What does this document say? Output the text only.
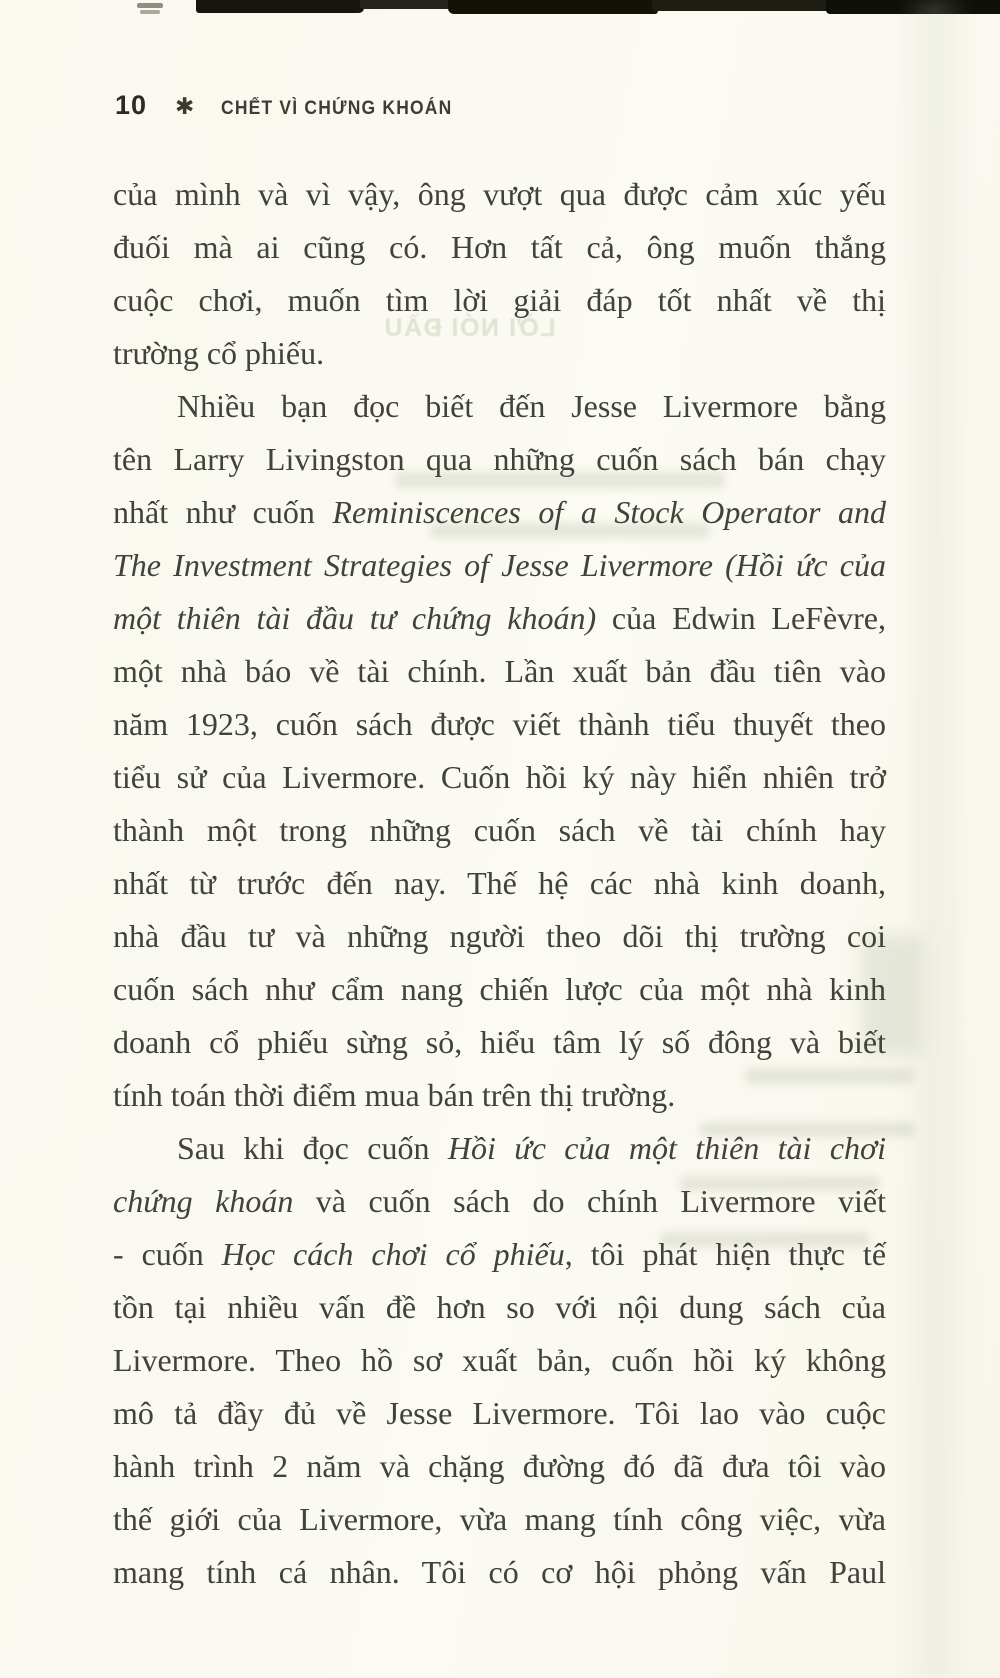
10 ✱ CHẾT VÌ CHỨNG KHOÁN
LỜI NÓI ĐẦU
của mình và vì vậy, ông vượt qua được cảm xúc yếu
đuối mà ai cũng có. Hơn tất cả, ông muốn thắng
cuộc chơi, muốn tìm lời giải đáp tốt nhất về thị
trường cổ phiếu.
Nhiều bạn đọc biết đến Jesse Livermore bằng
tên Larry Livingston qua những cuốn sách bán chạy
nhất như cuốn Reminiscences of a Stock Operator and
The Investment Strategies of Jesse Livermore (Hồi ức của
một thiên tài đầu tư chứng khoán) của Edwin LeFèvre,
một nhà báo về tài chính. Lần xuất bản đầu tiên vào
năm 1923, cuốn sách được viết thành tiểu thuyết theo
tiểu sử của Livermore. Cuốn hồi ký này hiển nhiên trở
thành một trong những cuốn sách về tài chính hay
nhất từ trước đến nay. Thế hệ các nhà kinh doanh,
nhà đầu tư và những người theo dõi thị trường coi
cuốn sách như cẩm nang chiến lược của một nhà kinh
doanh cổ phiếu sừng sỏ, hiểu tâm lý số đông và biết
tính toán thời điểm mua bán trên thị trường.
Sau khi đọc cuốn Hồi ức của một thiên tài chơi
chứng khoán và cuốn sách do chính Livermore viết
- cuốn Học cách chơi cổ phiếu, tôi phát hiện thực tế
tồn tại nhiều vấn đề hơn so với nội dung sách của
Livermore. Theo hồ sơ xuất bản, cuốn hồi ký không
mô tả đầy đủ về Jesse Livermore. Tôi lao vào cuộc
hành trình 2 năm và chặng đường đó đã đưa tôi vào
thế giới của Livermore, vừa mang tính công việc, vừa
mang tính cá nhân. Tôi có cơ hội phỏng vấn Paul
